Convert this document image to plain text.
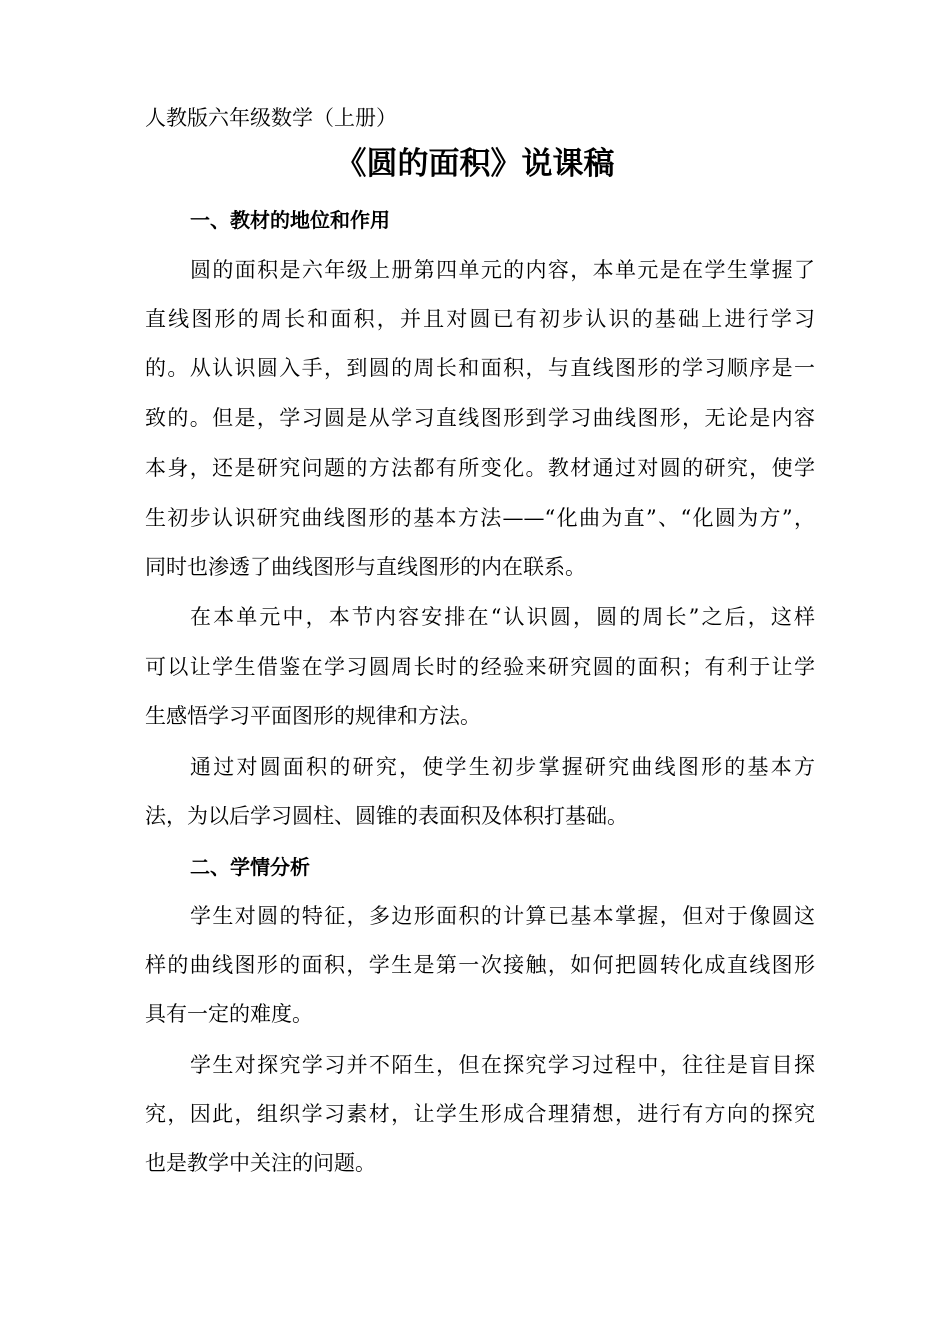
人教版六年级数学（上册）
《圆的面积》说课稿
一、教材的地位和作用
圆的面积是六年级上册第四单元的内容，本单元是在学生掌握了
直线图形的周长和面积，并且对圆已有初步认识的基础上进行学习
的。从认识圆入手，到圆的周长和面积，与直线图形的学习顺序是一
致的。但是，学习圆是从学习直线图形到学习曲线图形，无论是内容
本身，还是研究问题的方法都有所变化。教材通过对圆的研究，使学
生初步认识研究曲线图形的基本方法——“化曲为直”、“化圆为方”，
同时也渗透了曲线图形与直线图形的内在联系。
在本单元中，本节内容安排在“认识圆，圆的周长”之后，这样
可以让学生借鉴在学习圆周长时的经验来研究圆的面积；有利于让学
生感悟学习平面图形的规律和方法。
通过对圆面积的研究，使学生初步掌握研究曲线图形的基本方
法，为以后学习圆柱、圆锥的表面积及体积打基础。
二、学情分析
学生对圆的特征，多边形面积的计算已基本掌握，但对于像圆这
样的曲线图形的面积，学生是第一次接触，如何把圆转化成直线图形
具有一定的难度。
学生对探究学习并不陌生，但在探究学习过程中，往往是盲目探
究，因此，组织学习素材，让学生形成合理猜想，进行有方向的探究
也是教学中关注的问题。
